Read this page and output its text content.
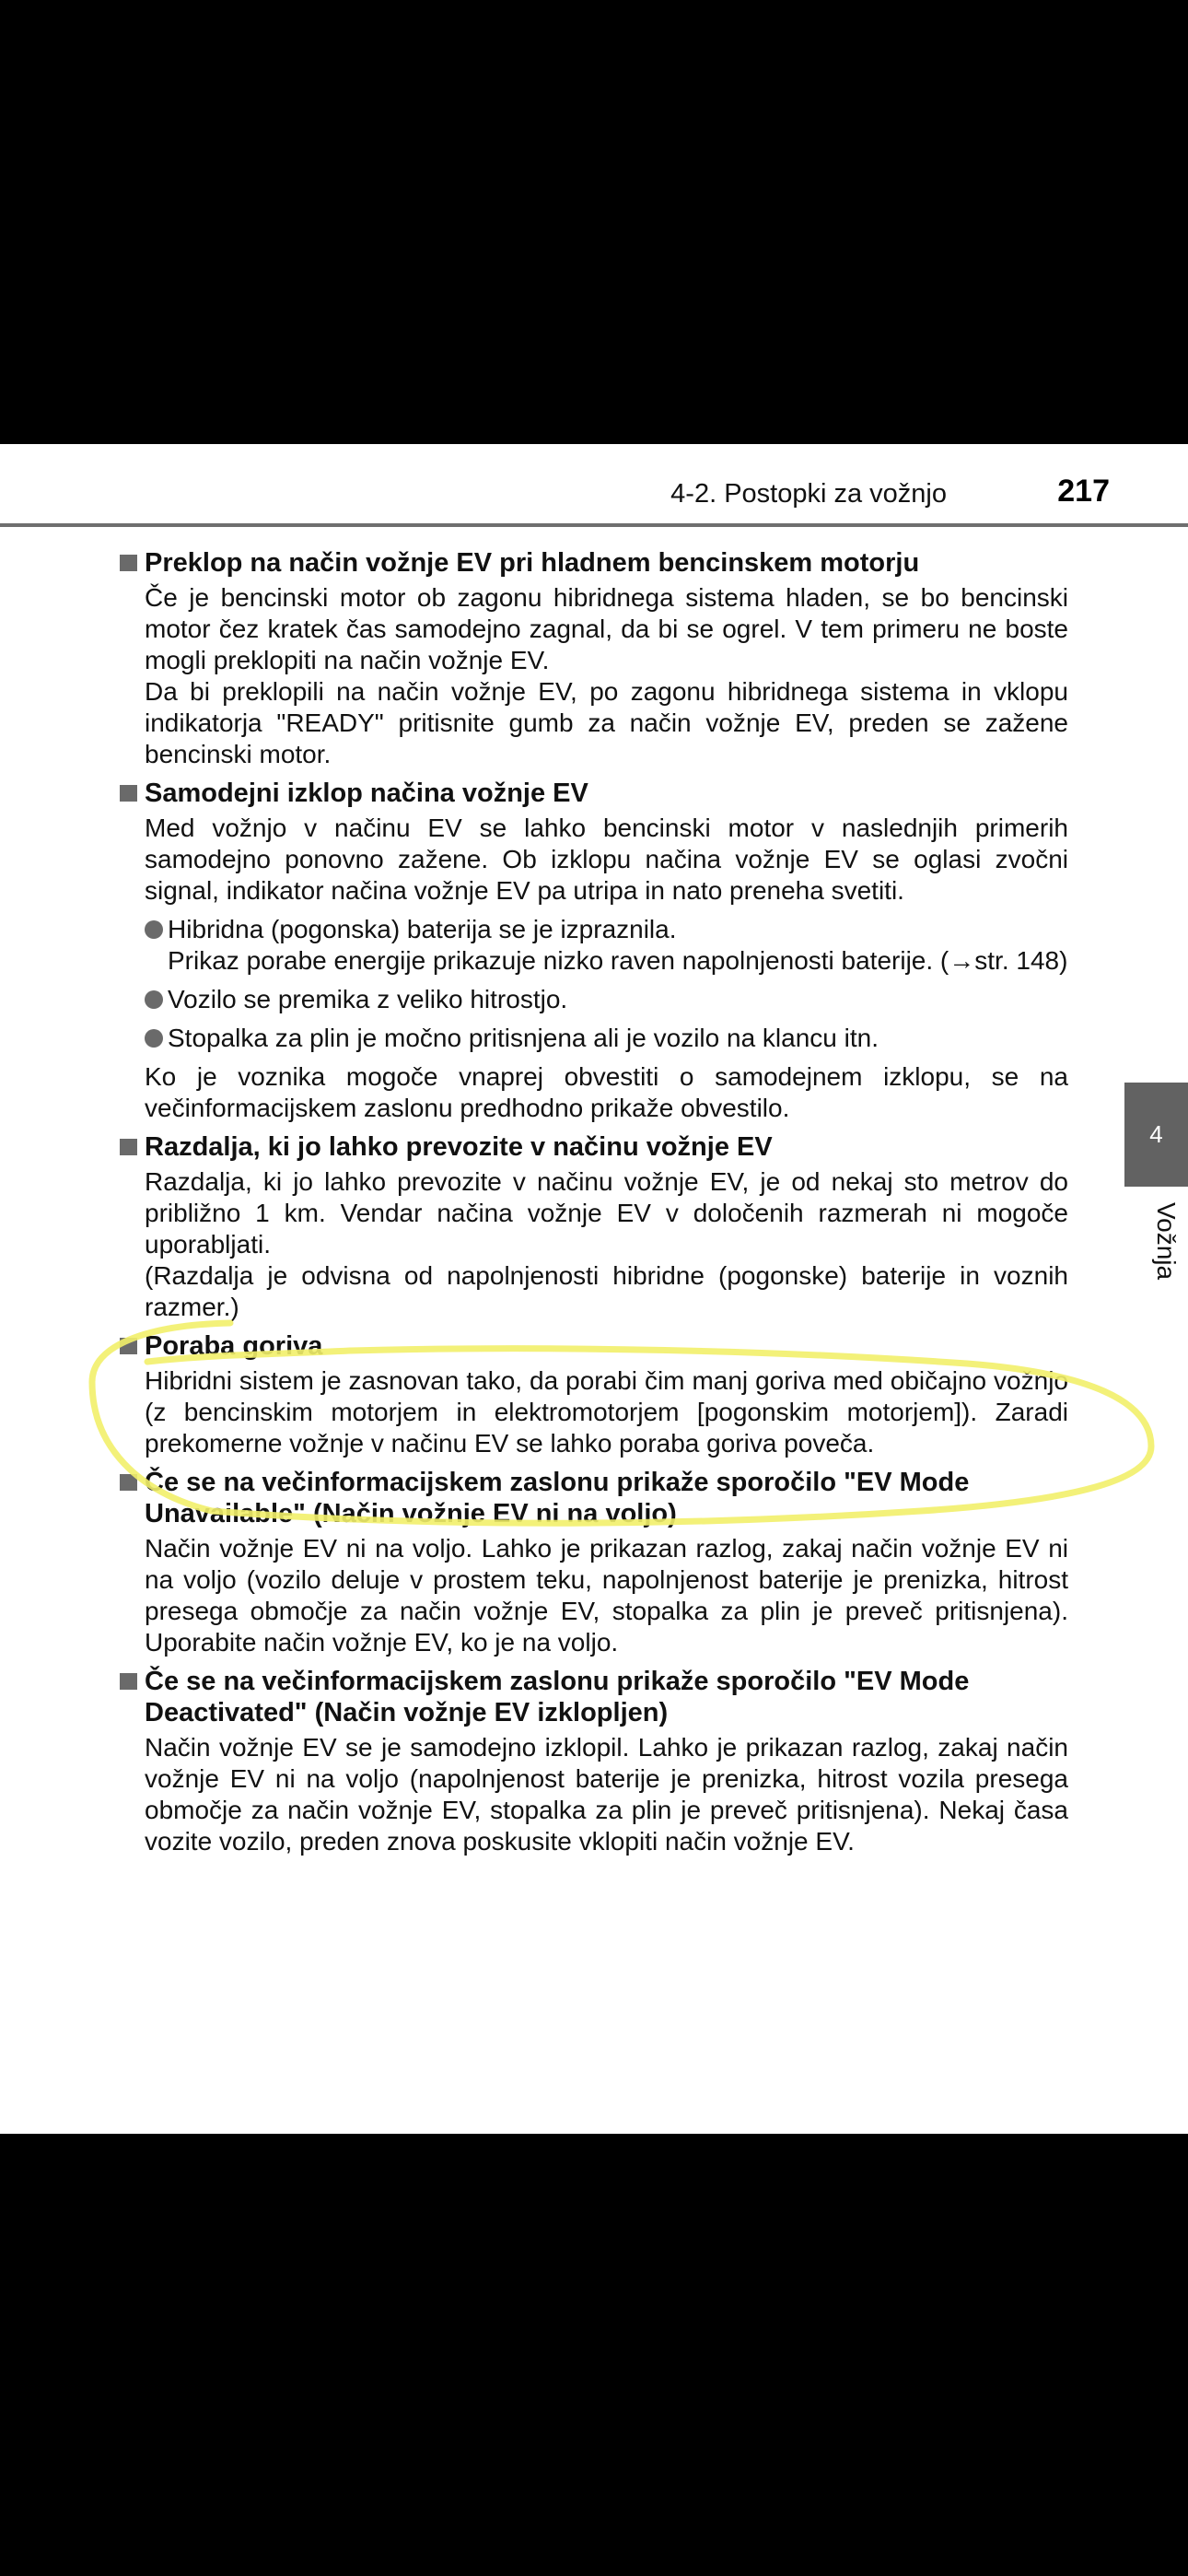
4-2. Postopki za vožnjo	217
Preklop na način vožnje EV pri hladnem bencinskem motorju
Če je bencinski motor ob zagonu hibridnega sistema hladen, se bo bencinski motor čez kratek čas samodejno zagnal, da bi se ogrel. V tem primeru ne boste mogli preklopiti na način vožnje EV.
Da bi preklopili na način vožnje EV, po zagonu hibridnega sistema in vklopu indikatorja "READY" pritisnite gumb za način vožnje EV, preden se zažene bencinski motor.
Samodejni izklop načina vožnje EV
Med vožnjo v načinu EV se lahko bencinski motor v naslednjih primerih samodejno ponovno zažene. Ob izklopu načina vožnje EV se oglasi zvočni signal, indikator načina vožnje EV pa utripa in nato preneha svetiti.
Hibridna (pogonska) baterija se je izpraznila.
Prikaz porabe energije prikazuje nizko raven napolnjenosti baterije. (→str. 148)
Vozilo se premika z veliko hitrostjo.
Stopalka za plin je močno pritisnjena ali je vozilo na klancu itn.
Ko je voznika mogoče vnaprej obvestiti o samodejnem izklopu, se na večinformacijskem zaslonu predhodno prikaže obvestilo.
Razdalja, ki jo lahko prevozite v načinu vožnje EV
Razdalja, ki jo lahko prevozite v načinu vožnje EV, je od nekaj sto metrov do približno 1 km. Vendar načina vožnje EV v določenih razmerah ni mogoče uporabljati.
(Razdalja je odvisna od napolnjenosti hibridne (pogonske) baterije in voznih razmer.)
Poraba goriva
Hibridni sistem je zasnovan tako, da porabi čim manj goriva med običajno vožnjo (z bencinskim motorjem in elektromotorjem [pogonskim motorjem]). Zaradi prekomerne vožnje v načinu EV se lahko poraba goriva poveča.
Če se na večinformacijskem zaslonu prikaže sporočilo "EV Mode Unavailable" (Način vožnje EV ni na voljo)
Način vožnje EV ni na voljo. Lahko je prikazan razlog, zakaj način vožnje EV ni na voljo (vozilo deluje v prostem teku, napolnjenost baterije je prenizka, hitrost presega območje za način vožnje EV, stopalka za plin je preveč pritisnjena). Uporabite način vožnje EV, ko je na voljo.
Če se na večinformacijskem zaslonu prikaže sporočilo "EV Mode Deactivated" (Način vožnje EV izklopljen)
Način vožnje EV se je samodejno izklopil. Lahko je prikazan razlog, zakaj način vožnje EV ni na voljo (napolnjenost baterije je prenizka, hitrost vozila presega območje za način vožnje EV, stopalka za plin je preveč pritisnjena). Nekaj časa vozite vozilo, preden znova poskusite vklopiti način vožnje EV.
4
Vožnja
